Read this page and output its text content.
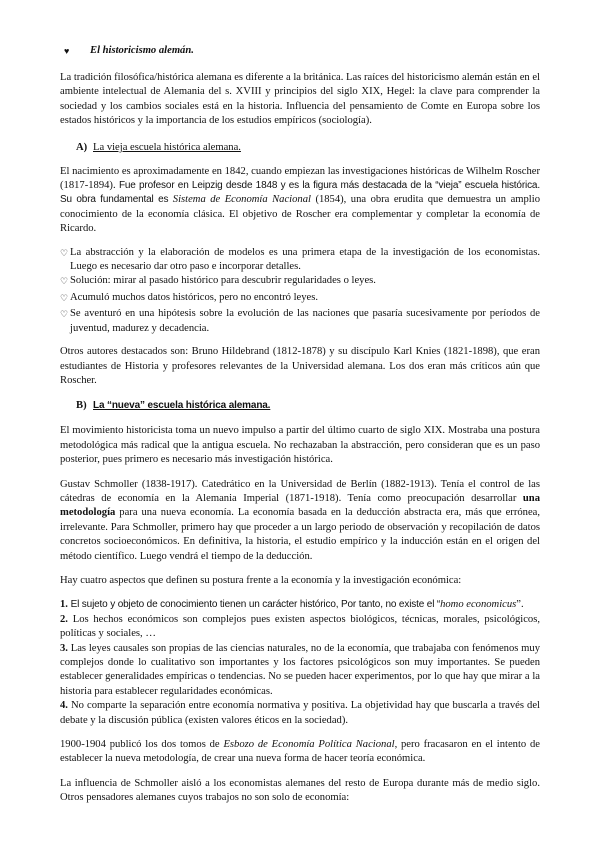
♥	El historicismo alemán.

La tradición filosófica/histórica alemana es diferente a la británica. Las raíces del historicismo alemán están en el ambiente intelectual de Alemania del s. XVIII y principios del siglo XIX, Hegel: la clave para comprender la sociedad y los cambios sociales está en la historia. Influencia del pensamiento de Comte en Europa sobre los estados históricos y la importancia de los estudios empíricos (sociología).

A) La vieja escuela histórica alemana.

El nacimiento es aproximadamente en 1842, cuando empiezan las investigaciones históricas de Wilhelm Roscher (1817-1894). Fue profesor en Leipzig desde 1848 y es la figura más destacada de la “vieja” escuela histórica. Su obra fundamental es Sistema de Economía Nacional (1854), una obra erudita que demuestra un amplio conocimiento de la economía clásica. El objetivo de Roscher era complementar y completar la economía de Ricardo.

♡ La abstracción y la elaboración de modelos es una primera etapa de la investigación de los economistas. Luego es necesario dar otro paso e incorporar detalles.

♡ Solución: mirar al pasado histórico para descubrir regularidades o leyes.

♡ Acumuló muchos datos históricos, pero no encontró leyes.

♡ Se aventuró en una hipótesis sobre la evolución de las naciones que pasaría sucesivamente por períodos de juventud, madurez y decadencia.

Otros autores destacados son: Bruno Hildebrand (1812-1878) y su discípulo Karl Knies (1821-1898), que eran estudiantes de Historia y profesores relevantes de la Universidad alemana. Los dos eran más críticos aún que Roscher.

B) La “nueva” escuela histórica alemana.

El movimiento historicista toma un nuevo impulso a partir del último cuarto de siglo XIX. Mostraba una postura metodológica más radical que la antigua escuela. No rechazaban la abstracción, pero consideran que es un paso posterior, pues primero es necesario más investigación histórica.

Gustav Schmoller (1838-1917). Catedrático en la Universidad de Berlín (1882-1913). Tenía el control de las cátedras de economía en la Alemania Imperial (1871-1918). Tenía como preocupación desarrollar una metodología para una nueva economía. La economía basada en la deducción abstracta era, más que errónea, irrelevante. Para Schmoller, primero hay que proceder a un largo periodo de observación y recopilación de datos concretos socioeconómicos. En definitiva, la historia, el estudio empírico y la inducción están en el origen del método científico. Luego vendrá el tiempo de la deducción.

Hay cuatro aspectos que definen su postura frente a la economía y la investigación económica:

1. El sujeto y objeto de conocimiento tienen un carácter histórico, Por tanto, no existe el “homo economicus”.

2. Los hechos económicos son complejos pues existen aspectos biológicos, técnicas, morales, psicológicos, políticas y sociales, …

3. Las leyes causales son propias de las ciencias naturales, no de la economía, que trabajaba con fenómenos muy complejos donde lo cualitativo son importantes y los factores psicológicos son muy importantes. Se pueden establecer generalidades empíricas o tendencias. No se pueden hacer experimentos, por lo que hay que mirar a la historia para establecer regularidades económicas.

4. No comparte la separación entre economía normativa y positiva. La objetividad hay que buscarla a través del debate y la discusión pública (existen valores éticos en la sociedad).

1900-1904 publicó los dos tomos de Esbozo de Economía Política Nacional, pero fracasaron en el intento de establecer la nueva metodología, de crear una nueva forma de hacer teoría económica.

La influencia de Schmoller aisló a los economistas alemanes del resto de Europa durante más de medio siglo. Otros pensadores alemanes cuyos trabajos no son solo de economía:
